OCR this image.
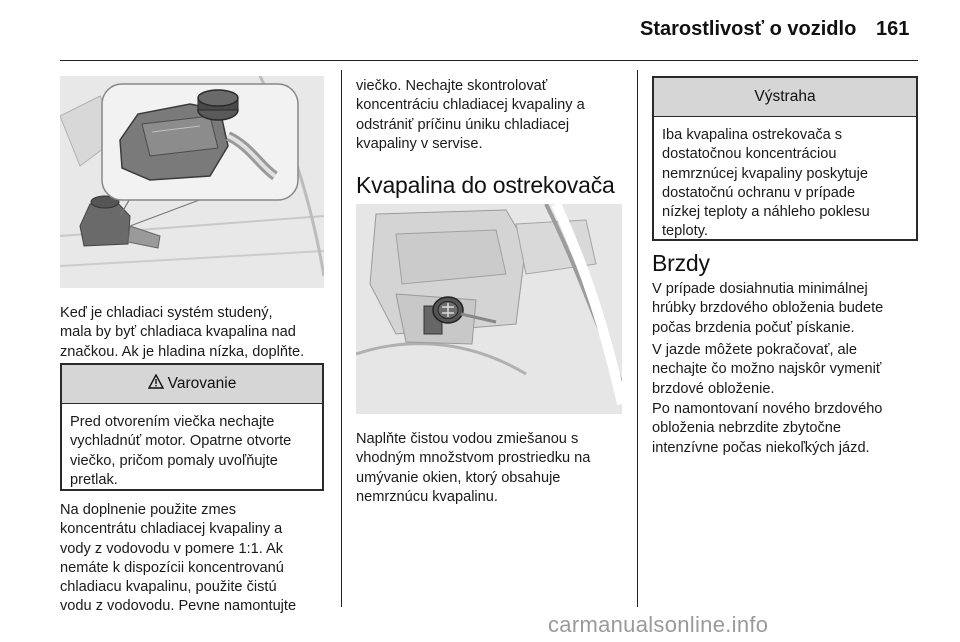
Starostlivosť o vozidlo 161
Keď je chladiaci systém studený,
mala by byť chladiaca kvapalina nad
značkou. Ak je hladina nízka, doplňte.
Varovanie
Pred otvorením viečka nechajte
vychladnúť motor. Opatrne otvorte
viečko, pričom pomaly uvoľňujte
pretlak.
Na doplnenie použite zmes
koncentrátu chladiacej kvapaliny a
vody z vodovodu v pomere 1:1. Ak
nemáte k dispozícii koncentrovanú
chladiacu kvapalinu, použite čistú
vodu z vodovodu. Pevne namontujte
viečko. Nechajte skontrolovať
koncentráciu chladiacej kvapaliny a
odstrániť príčinu úniku chladiacej
kvapaliny v servise.
Kvapalina do ostrekovača
Naplňte čistou vodou zmiešanou s
vhodným množstvom prostriedku na
umývanie okien, ktorý obsahuje
nemrznúcu kvapalinu.
Výstraha
Iba kvapalina ostrekovača s
dostatočnou koncentráciou
nemrznúcej kvapaliny poskytuje
dostatočnú ochranu v prípade
nízkej teploty a náhleho poklesu
teploty.
Brzdy
V prípade dosiahnutia minimálnej
hrúbky brzdového obloženia budete
počas brzdenia počuť pískanie.
V jazde môžete pokračovať, ale
nechajte čo možno najskôr vymeniť
brzdové obloženie.
Po namontovaní nového brzdového
obloženia nebrzdite zbytočne
intenzívne počas niekoľkých jázd.
carmanualsonline.info
